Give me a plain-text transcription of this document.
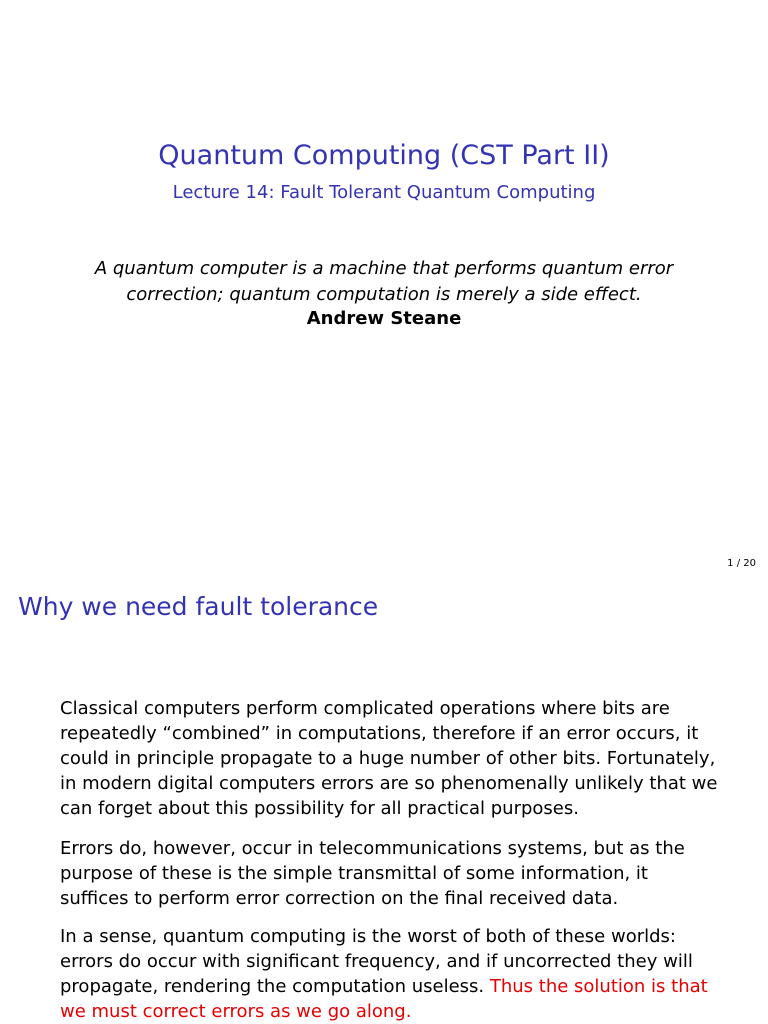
Quantum Computing (CST Part II)
Lecture 14: Fault Tolerant Quantum Computing
A quantum computer is a machine that performs quantum error
correction; quantum computation is merely a side effect.
Andrew Steane
1 / 20
Why we need fault tolerance

Classical computers perform complicated operations where bits are repeatedly “combined” in computations, therefore if an error occurs, it could in principle propagate to a huge number of other bits. Fortunately, in modern digital computers errors are so phenomenally unlikely that we can forget about this possibility for all practical purposes.

Errors do, however, occur in telecommunications systems, but as the purpose of these is the simple transmittal of some information, it suffices to perform error correction on the final received data.

In a sense, quantum computing is the worst of both of these worlds: errors do occur with significant frequency, and if uncorrected they will propagate, rendering the computation useless. Thus the solution is that we must correct errors as we go along.
